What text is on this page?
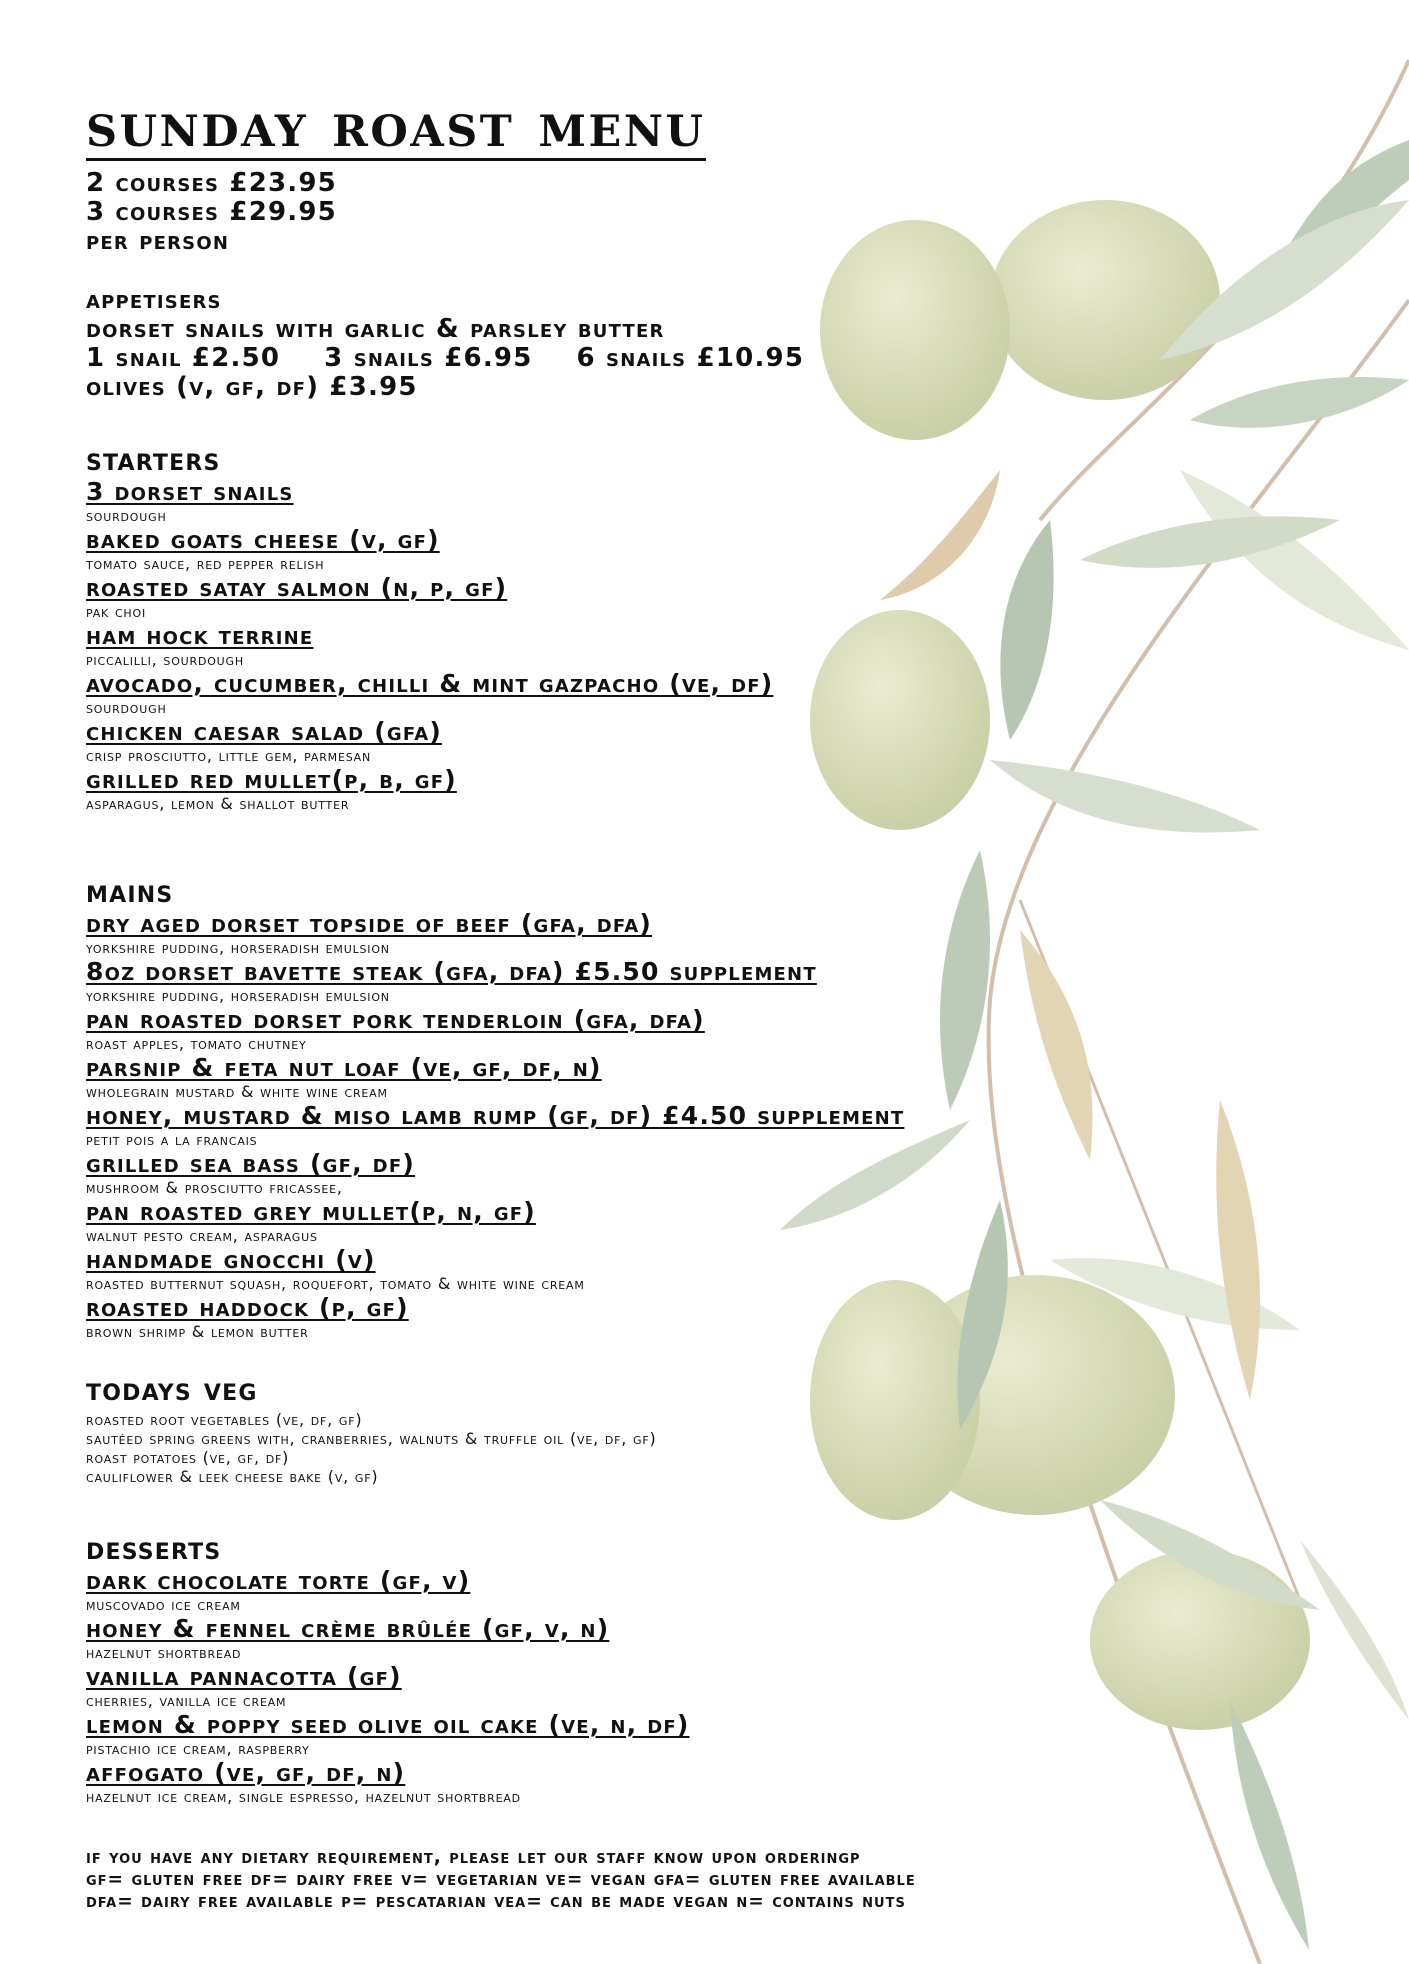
sunday roast menu

2 courses £23.95

3 courses £29.95

per person

appetisers

dorset snails with garlic & parsley butter

1 snail £2.50 3 snails £6.95 6 snails £10.95

olives (v, gf, df) £3.95

starters

3 dorset snails

sourdough

baked goats cheese (v, gf)

tomato sauce, red pepper relish

roasted satay salmon (n, p, gf)

pak choi

ham hock terrine

piccalilli, sourdough

avocado, cucumber, chilli & mint gazpacho (ve, df)

sourdough

chicken caesar salad (gfa)

crisp prosciutto, little gem, parmesan

grilled red mullet(p, b, gf)

asparagus, lemon & shallot butter

mains

dry aged dorset topside of beef (gfa, dfa)

yorkshire pudding, horseradish emulsion

8oz dorset bavette steak (gfa, dfa) £5.50 supplement

yorkshire pudding, horseradish emulsion

pan roasted dorset pork tenderloin (gfa, dfa)

roast apples, tomato chutney

parsnip & feta nut loaf (ve, gf, df, n)

wholegrain mustard & white wine cream

honey, mustard & miso lamb rump (gf, df) £4.50 supplement

petit pois a la francais

grilled sea bass (gf, df)

mushroom & prosciutto fricassee,

pan roasted grey mullet(p, n, gf)

walnut pesto cream, asparagus

handmade gnocchi (v)

roasted butternut squash, roquefort, tomato & white wine cream

roasted haddock (p, gf)

brown shrimp & lemon butter

todays veg

roasted root vegetables (ve, df, gf)

sautéed spring greens with, cranberries, walnuts & truffle oil (ve, df, gf)

roast potatoes (ve, gf, df)

cauliflower & leek cheese bake (v, gf)

desserts

dark chocolate torte (gf, v)

muscovado ice cream

honey & fennel crème brûlée (gf, v, n)

hazelnut shortbread

vanilla pannacotta (gf)

cherries, vanilla ice cream

lemon & poppy seed olive oil cake (ve, n, df)

pistachio ice cream, raspberry

affogato (ve, gf, df, n)

hazelnut ice cream, single espresso, hazelnut shortbread

if you have any dietary requirement, please let our staff know upon orderingp

gf= gluten free df= dairy free v= vegetarian ve= vegan gfa= gluten free available

dfa= dairy free available p= pescatarian vea= can be made vegan n= contains nuts
